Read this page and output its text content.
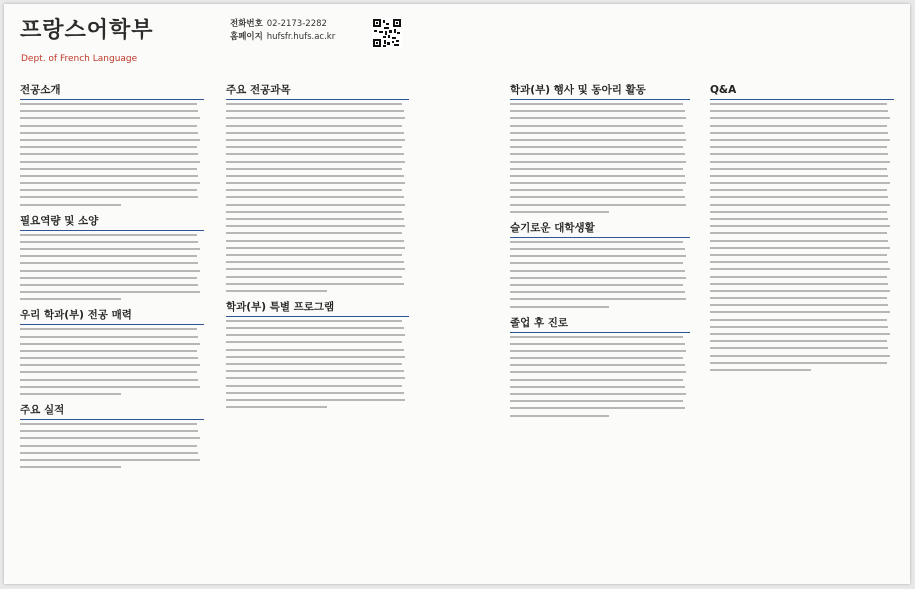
프랑스어학부
Dept. of French Language
전화번호 02-2173-2282
홈페이지 hufsfr.hufs.ac.kr
전공소개
필요역량 및 소양
우리 학과(부) 전공 매력
주요 실적
주요 전공과목
학과(부) 특별 프로그램
학과(부) 행사 및 동아리 활동
슬기로운 대학생활
졸업 후 진로
Q&A
